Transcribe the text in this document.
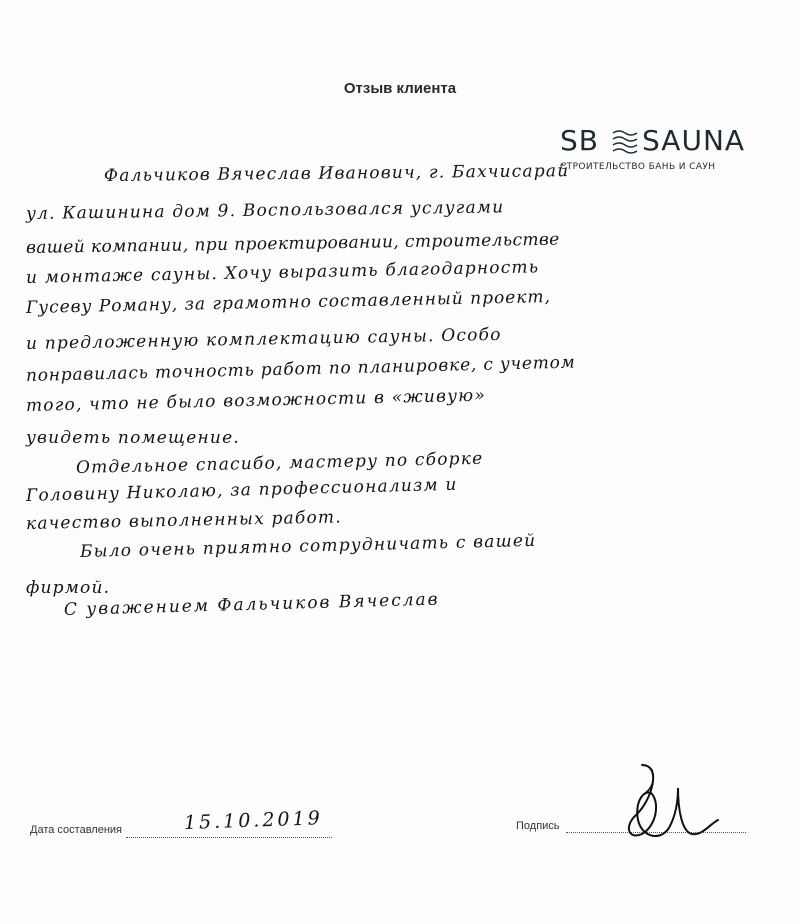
Отзыв клиента
SB SAUNA
СТРОИТЕЛЬСТВО БАНЬ И САУН
Фальчиков Вячеслав Иванович, г. Бахчисарай
ул. Кашинина дом 9. Воспользовался услугами
вашей компании, при проектировании, строительстве
и монтаже сауны. Хочу выразить благодарность
Гусеву Роману, за грамотно составленный проект,
и предложенную комплектацию сауны. Особо
понравилась точность работ по планировке, с учетом
того, что не было возможности в «живую»
увидеть помещение.
Отдельное спасибо, мастеру по сборке
Головину Николаю, за профессионализм и
качество выполненных работ.
Было очень приятно сотрудничать с вашей
фирмой.
С уважением Фальчиков Вячеслав
Дата составления	15.10.2019	Подпись
